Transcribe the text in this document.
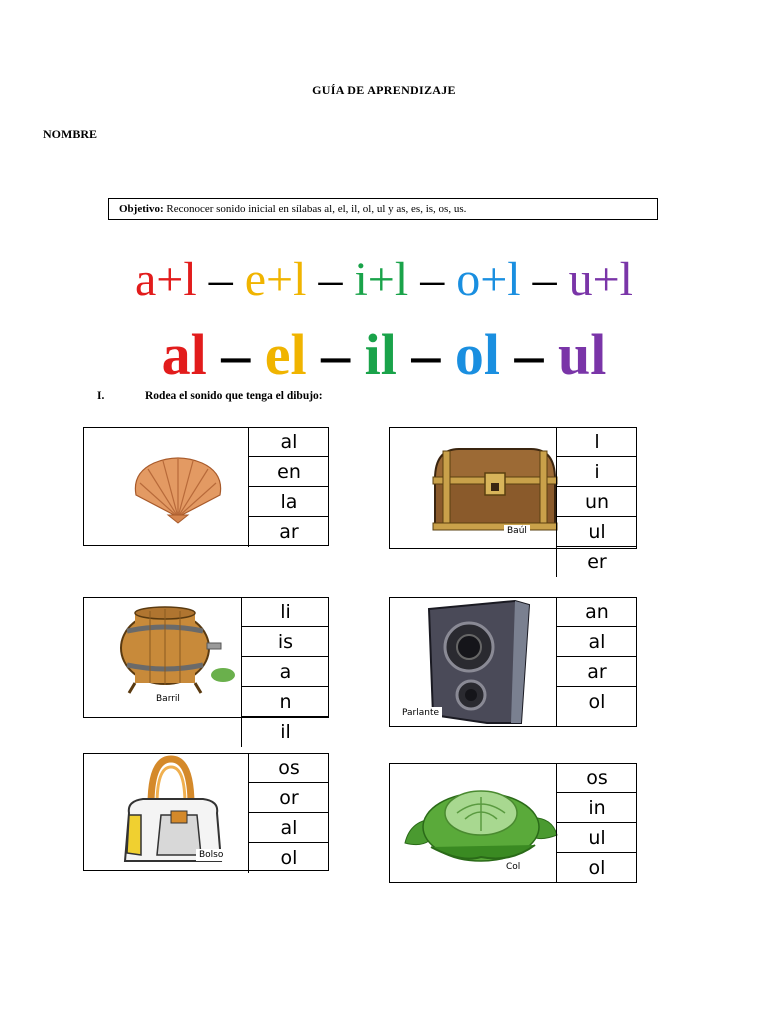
GUÍA DE APRENDIZAJE
NOMBRE
Objetivo: Reconocer sonido inicial en sílabas al, el, il, ol, ul y as, es, is, os, us.
a+l – e+l – i+l – o+l – u+l
al – el – il – ol – ul
I.	Rodea el sonido que tenga el dibujo:
al
en
la
ar	Baúl
l
i
un
ul
er
Barril
li
is
a
n
il
Parlante
an
al
ar
ol
Bolso
os
or
al
ol	Col
os
in
ul
ol
